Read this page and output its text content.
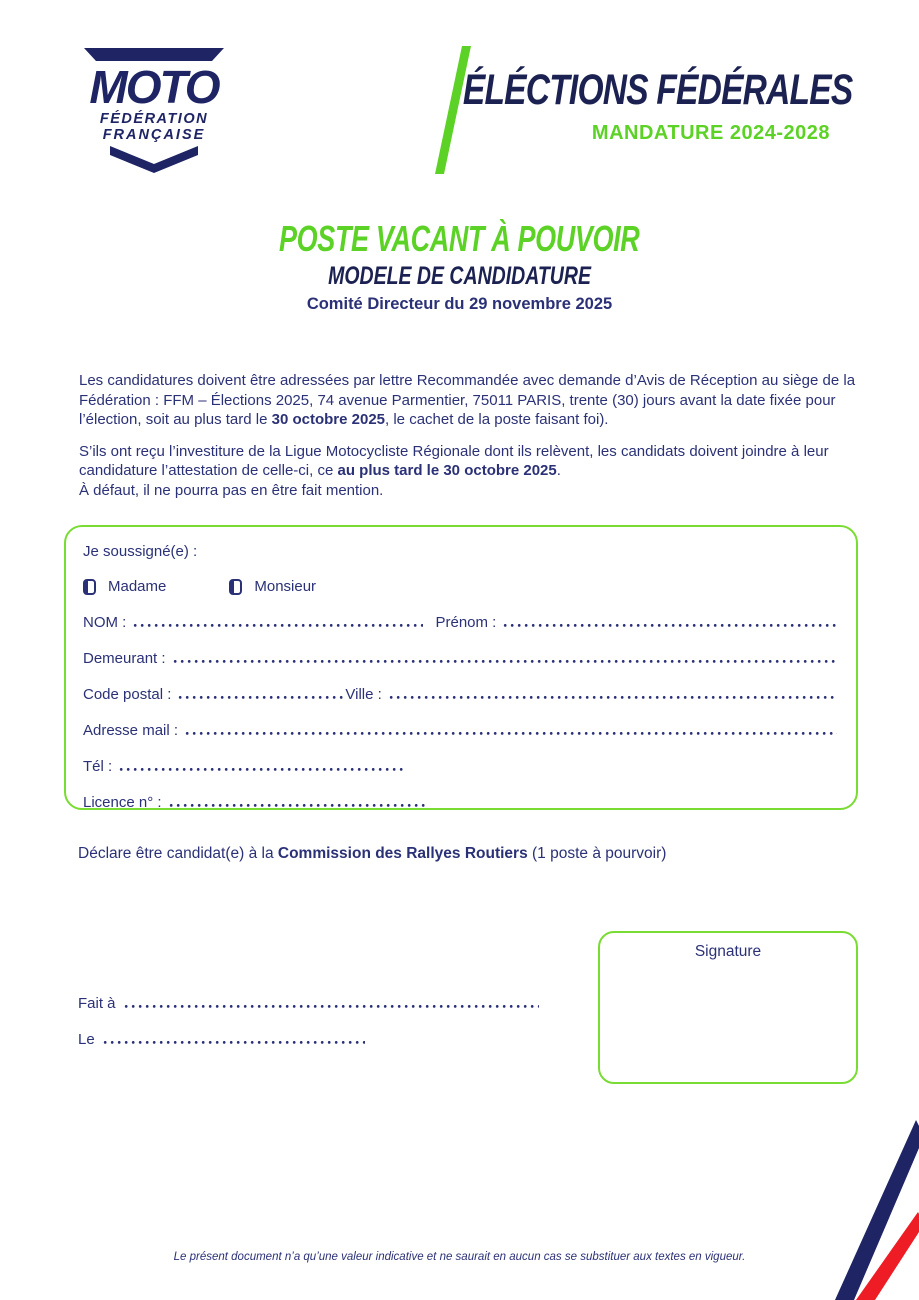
MOTO
FÉDÉRATION
FRANÇAISE
ÉLÉCTIONS FÉDÉRALES
MANDATURE 2024-2028
POSTE VACANT À POUVOIR
MODELE DE CANDIDATURE
Comité Directeur du 29 novembre 2025
Les candidatures doivent être adressées par lettre Recommandée avec demande d’Avis de Réception au siège de la Fédération : FFM – Élections 2025, 74 avenue Parmentier, 75011 PARIS, trente (30) jours avant la date fixée pour l’élection, soit au plus tard le 30 octobre 2025, le cachet de la poste faisant foi).
S’ils ont reçu l’investiture de la Ligue Motocycliste Régionale dont ils relèvent, les candidats doivent joindre à leur candidature l’attestation de celle-ci, ce au plus tard le 30 octobre 2025.
À défaut, il ne pourra pas en être fait mention.
Je soussigné(e) :
Madame	Monsieur
NOM :	Prénom :
Demeurant :
Code postal :	Ville :
Adresse mail :
Tél :
Licence n° :
Déclare être candidat(e) à la Commission des Rallyes Routiers (1 poste à pourvoir)
Signature
Fait à
Le
Le présent document n’a qu’une valeur indicative et ne saurait en aucun cas se substituer aux textes en vigueur.
